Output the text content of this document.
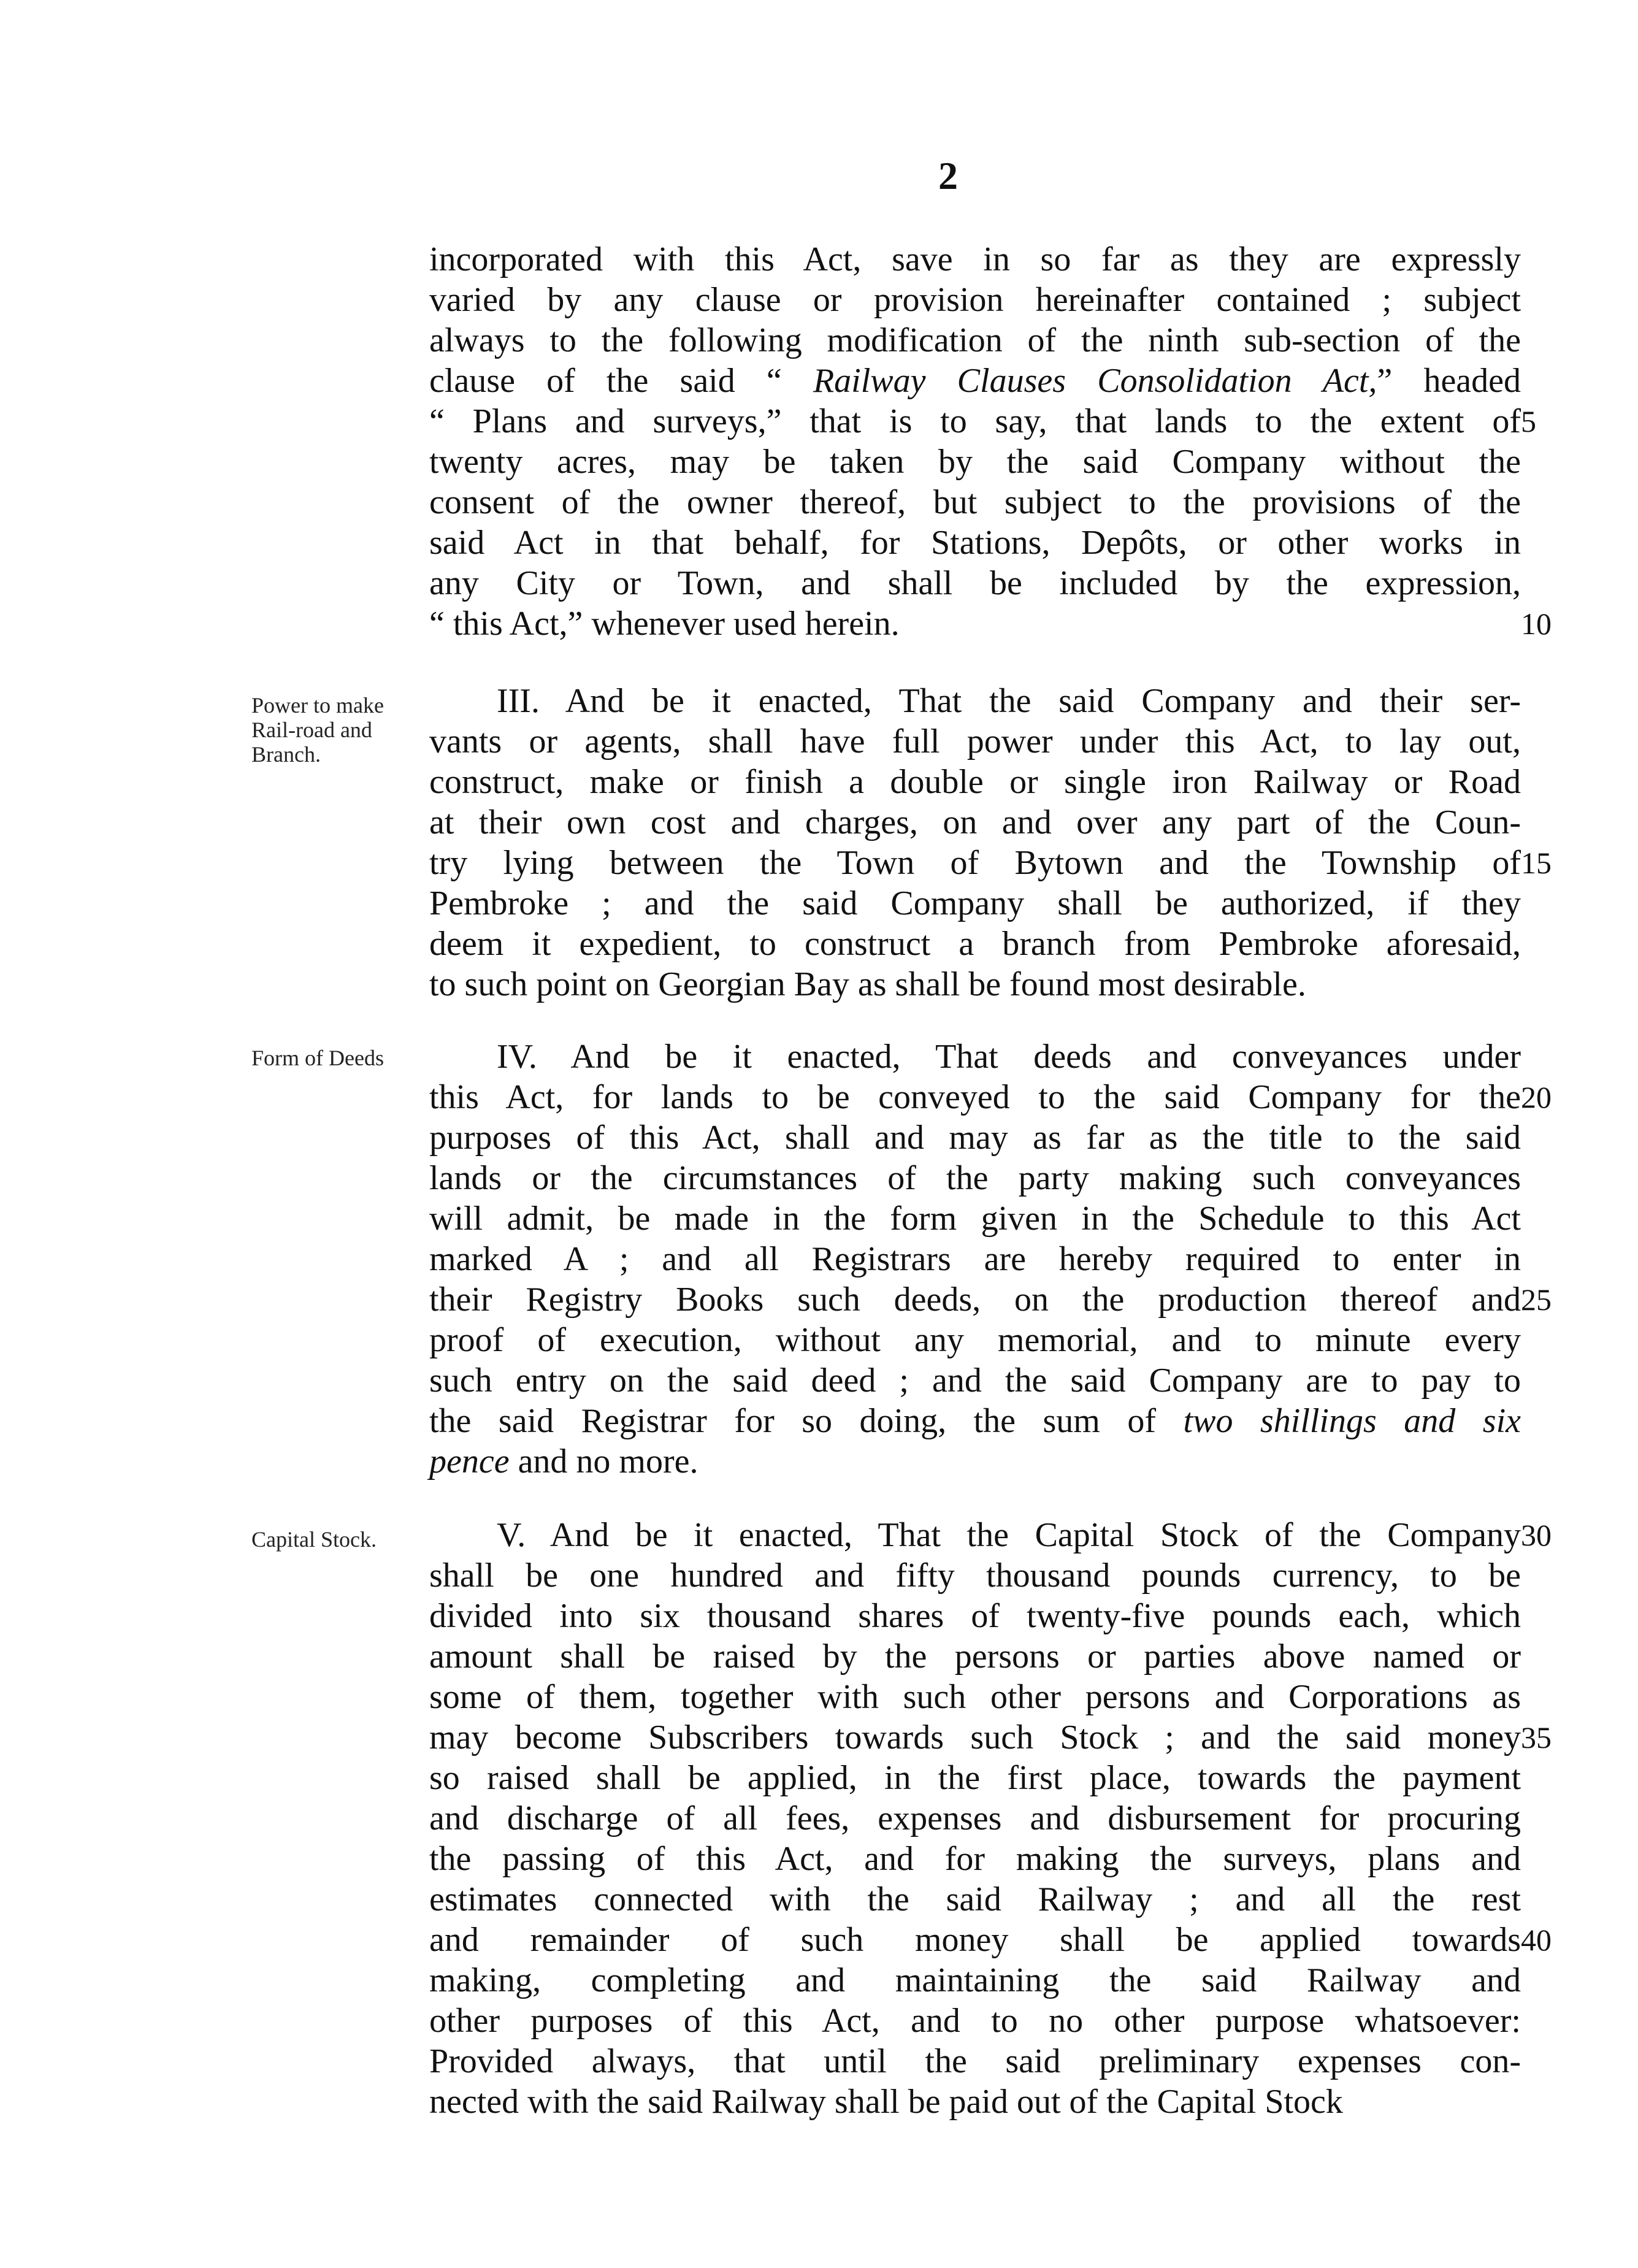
2
incorporated with this Act, save in so far as they are expressly
varied by any clause or provision hereinafter contained ; subject
always to the following modification of the ninth sub-section of the
clause of the said “ Railway Clauses Consolidation Act,” headed
“ Plans and surveys,” that is to say, that lands to the extent of
twenty acres, may be taken by the said Company without the
consent of the owner thereof, but subject to the provisions of the
said Act in that behalf, for Stations, Depôts, or other works in
any City or Town, and shall be included by the expression,
“ this Act,” whenever used herein.
Power to make Rail-road and Branch.
III. And be it enacted, That the said Company and their ser-
vants or agents, shall have full power under this Act, to lay out,
construct, make or finish a double or single iron Railway or Road
at their own cost and charges, on and over any part of the Coun-
try lying between the Town of Bytown and the Township of
Pembroke ; and the said Company shall be authorized, if they
deem it expedient, to construct a branch from Pembroke aforesaid,
to such point on Georgian Bay as shall be found most desirable.
Form of Deeds	IV. And be it enacted, That deeds and conveyances under
this Act, for lands to be conveyed to the said Company for the
purposes of this Act, shall and may as far as the title to the said
lands or the circumstances of the party making such conveyances
will admit, be made in the form given in the Schedule to this Act
marked A ; and all Registrars are hereby required to enter in
their Registry Books such deeds, on the production thereof and
proof of execution, without any memorial, and to minute every
such entry on the said deed ; and the said Company are to pay to
the said Registrar for so doing, the sum of two shillings and six
pence and no more.
Capital Stock.	V. And be it enacted, That the Capital Stock of the Company
shall be one hundred and fifty thousand pounds currency, to be
divided into six thousand shares of twenty-five pounds each, which
amount shall be raised by the persons or parties above named or
some of them, together with such other persons and Corporations as
may become Subscribers towards such Stock ; and the said money
so raised shall be applied, in the first place, towards the payment
and discharge of all fees, expenses and disbursement for procuring
the passing of this Act, and for making the surveys, plans and
estimates connected with the said Railway ; and all the rest
and remainder of such money shall be applied towards
making, completing and maintaining the said Railway and
other purposes of this Act, and to no other purpose whatsoever:
Provided always, that until the said preliminary expenses con-
nected with the said Railway shall be paid out of the Capital Stock
5
10
15
20
25
30
35
40
